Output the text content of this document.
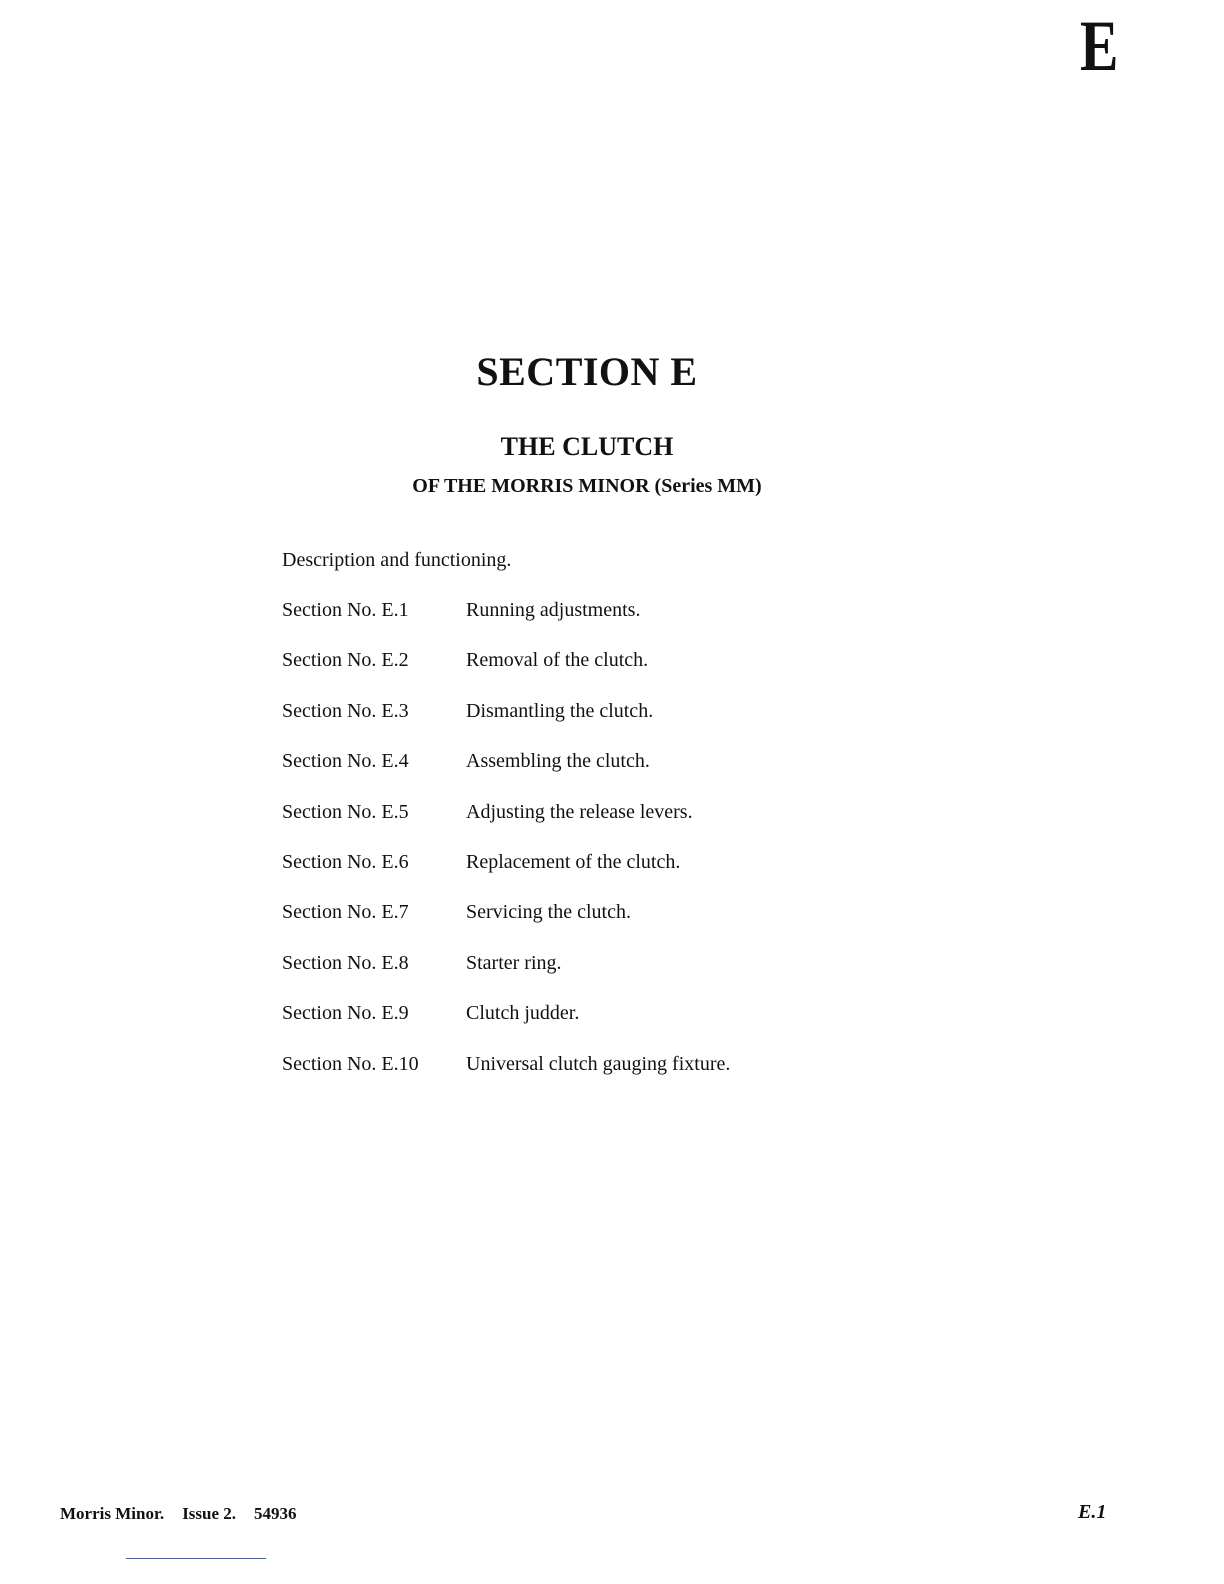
E
SECTION E
THE CLUTCH
OF THE MORRIS MINOR (Series MM)
Description and functioning.
Section No. E.1	Running adjustments.
Section No. E.2	Removal of the clutch.
Section No. E.3	Dismantling the clutch.
Section No. E.4	Assembling the clutch.
Section No. E.5	Adjusting the release levers.
Section No. E.6	Replacement of the clutch.
Section No. E.7	Servicing the clutch.
Section No. E.8	Starter ring.
Section No. E.9	Clutch judder.
Section No. E.10	Universal clutch gauging fixture.
Morris Minor. Issue 2. 54936	E.1
